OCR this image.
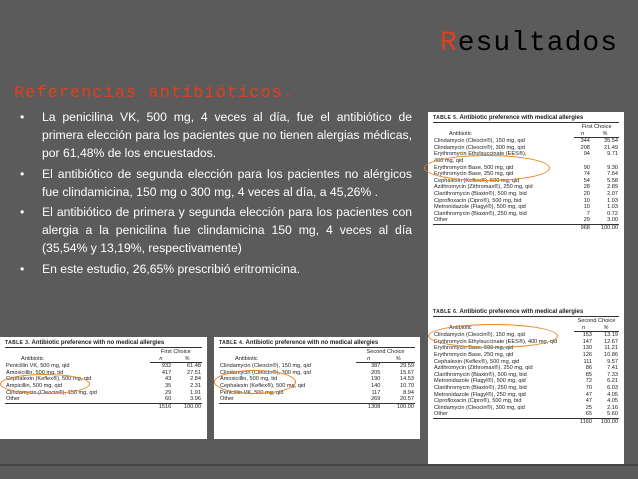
Resultados
Referencias antibióticos.
• La penicilina VK, 500 mg, 4 veces al día, fue el antibiótico de primera elección para los pacientes que no tienen alergias médicas, por 61,48% de los encuestados.
• El antibiótico de segunda elección para los pacientes no alérgicos fue clindamicina, 150 mg o 300 mg, 4 veces al día, a 45,26% .
• El antibiótico de primera y segunda elección para los pacientes con alergia a la penicilina fue clindamicina 150 mg, 4 veces al día (35,54% y 13,19%, respectivamente)
• En este estudio, 26,65% prescribió eritromicina.
TABLE 5. Antibiotic preference with medical allergies
Antibiotic	First Choice	
	n	%
Clindamycin (Cleocin®), 150 mg, qid	344	35.54
Clindamycin (Cleocin®), 300 mg, qid	208	21.49
Erythromycin Ethylsuccinate (EES®),	94	9.71
400 mg, qid		
Erythromycin Base, 500 mg, qid	90	9.30
Erythromycin Base, 250 mg, qid	74	7.64
Cephalexin (Keflex®), 500 mg, qid	54	5.58
Azithromycin (Zithromax®), 250 mg, qid	28	2.89
Clarithromycin (Biaxin®), 500 mg, bid	20	2.07
Ciprofloxacin (Cipro®), 500 mg, bid	10	1.03
Metronidazole (Flagyl®), 500 mg, qid	10	1.03
Clarithromycin (Biaxin®), 250 mg, bid	7	0.72
Other	29	3.00
	968	100.00
TABLE 6. Antibiotic preference with medical allergies
Antibiotic	Second Choice	
	n	%
Clindamycin (Cleocin®), 150 mg, qid	153	13.19
Erythromycin Ethylsuccinate (EES®), 400 mg, qid	147	12.67
Erythromycin Base, 500 mg, qid	130	11.21
Erythromycin Base, 250 mg, qid	126	10.86
Cephalexin (Keflex®), 500 mg, qid	111	9.57
Azithromycin (Zithromax®), 250 mg, qid	86	7.41
Clarithromycin (Biaxin®), 500 mg, bid	85	7.33
Metronidazole (Flagyl®), 500 mg, qid	72	6.21
Clarithromycin (Biaxin®), 250 mg, bid	70	6.03
Metronidazole (Flagyl®), 250 mg, qid	47	4.05
Ciprofloxacin (Cipro®), 500 mg, bid	47	4.05
Clindamycin (Cleocin®), 300 mg, qid	25	2.16
Other	65	5.60
	1160	100.00
TABLE 3. Antibiotic preference with no medical allergies
Antibiotic	First Choice	
	n	%
Penicillin VK, 500 mg, qid	932	61.48
Amoxicillin, 500 mg, tid	417	27.51
Cephalexin (Keflex®), 500 mg, qid	43	2.84
Ampicillin, 500 mg, qid	35	2.31
Clindamycin (Cleocin®), 150 mg, qid	29	1.91
Other	60	3.96
	1516	100.00
TABLE 4. Antibiotic preference with no medical allergies
Antibiotic	Second Choice	
	n	%
Clindamycin (Cleocin®), 150 mg, qid	387	29.59
Clindamycin (Cleocin®), 300 mg, qid	205	15.67
Amoxicillin, 500 mg, tid	190	14.53
Cephalexin (Keflex®), 500 mg, qid	140	10.70
Penicillin VK, 500 mg, qid	117	8.94
Other	269	20.57
	1308	100.00
